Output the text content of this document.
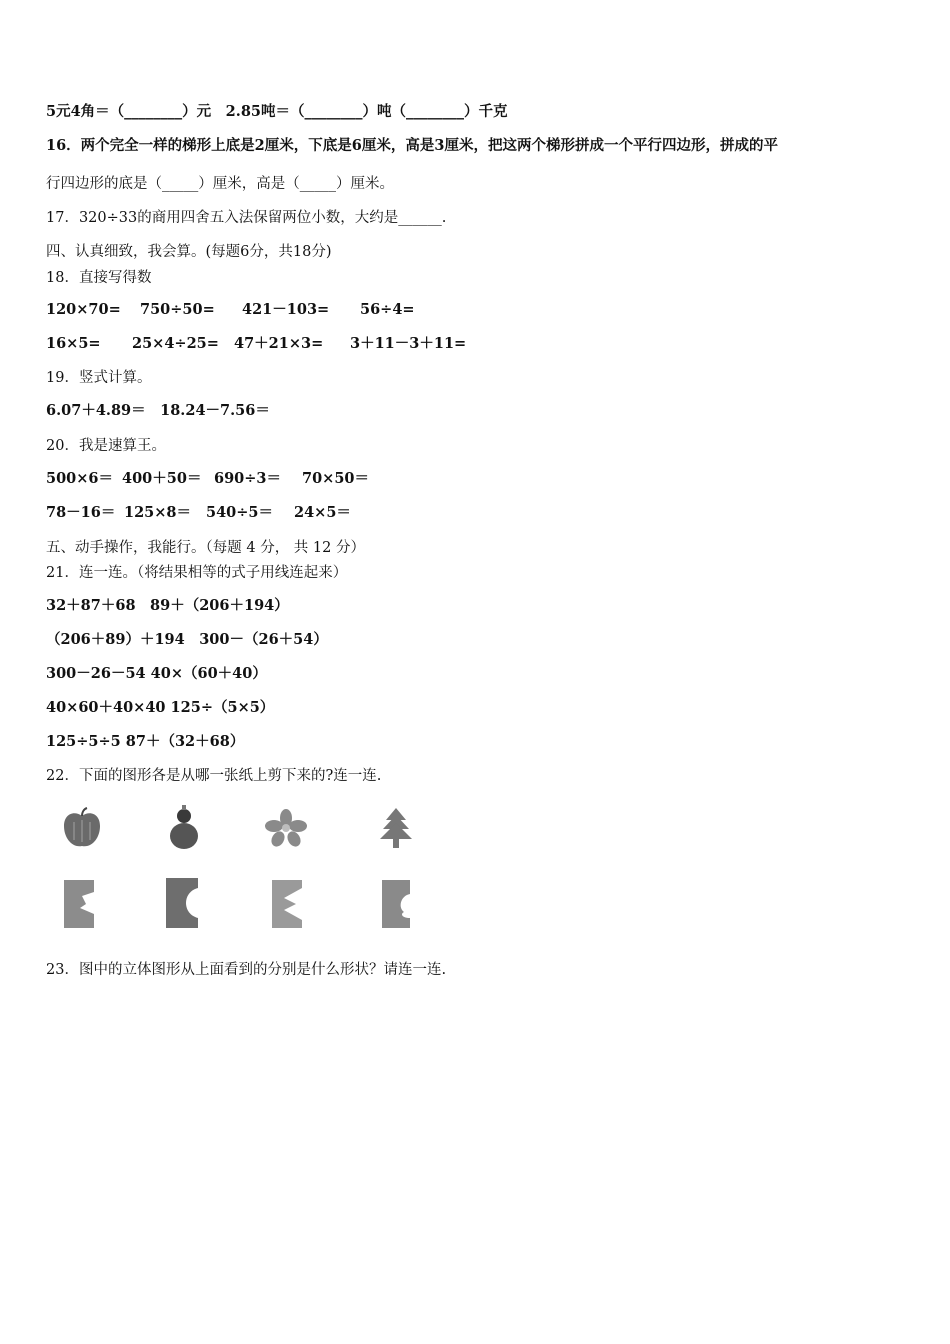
5元4角＝（________）元　2.85吨＝（________）吨（________）千克
16．两个完全一样的梯形上底是2厘米，下底是6厘米，高是3厘米，把这两个梯形拼成一个平行四边形，拼成的平
行四边形的底是（_____）厘米，高是（_____）厘米。
17．320÷33的商用四舍五入法保留两位小数，大约是______.
四、认真细致，我会算。(每题6分，共18分)
18．直接写得数
120×70= 750÷50= 421－103= 56÷4=
16×5= 25×4÷25= 47＋21×3= 3＋11－3＋11=
19．竖式计算。
6.07＋4.89＝　18.24－7.56＝
20．我是速算王。
500×6＝ 400＋50＝ 690÷3＝ 70×50＝
78－16＝ 125×8＝ 540÷5＝ 24×5＝
五、动手操作，我能行。（每题 4 分， 共 12 分）
21．连一连。（将结果相等的式子用线连起来）
32＋87＋68　89＋（206＋194）
（206＋89）＋194　300－（26＋54）
300－26－54 40×（60＋40）
40×60＋40×40 125÷（5×5）
125÷5÷5 87＋（32＋68）
22．下面的图形各是从哪一张纸上剪下来的?连一连.
23．图中的立体图形从上面看到的分别是什么形状？请连一连.
